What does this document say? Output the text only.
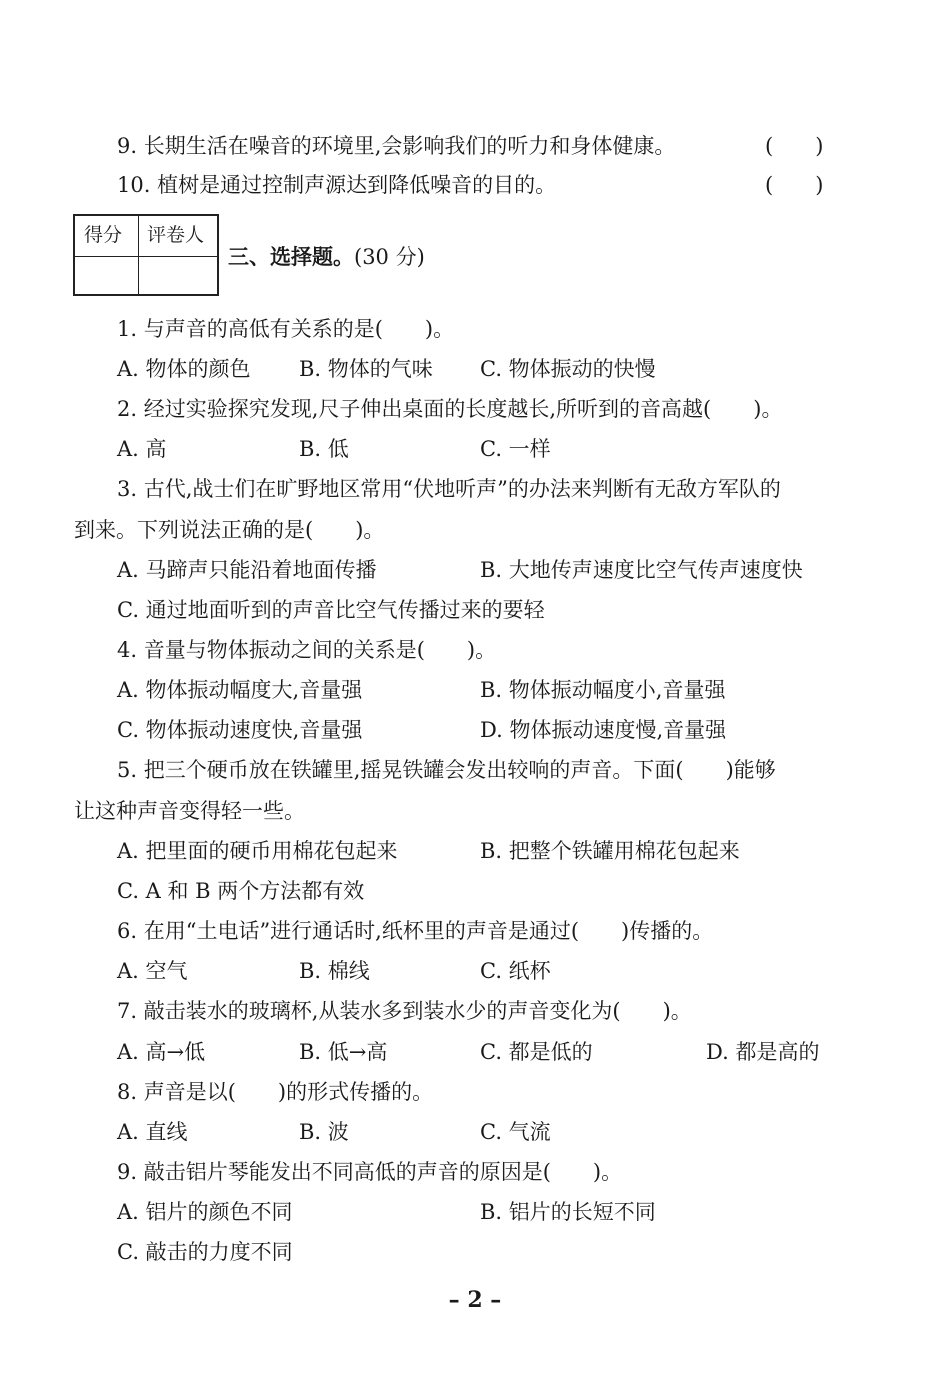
9. 长期生活在噪音的环境里,会影响我们的听力和身体健康。	(　　)
10. 植树是通过控制声源达到降低噪音的目的。	(　　)
得分 评卷人
三、选择题。(30 分)
1. 与声音的高低有关系的是(　　)。
A. 物体的颜色 B. 物体的气味 C. 物体振动的快慢
2. 经过实验探究发现,尺子伸出桌面的长度越长,所听到的音高越(　　)。
A. 高	B. 低	C. 一样
3. 古代,战士们在旷野地区常用“伏地听声”的办法来判断有无敌方军队的
到来。下列说法正确的是(　　)。
A. 马蹄声只能沿着地面传播	B. 大地传声速度比空气传声速度快
C. 通过地面听到的声音比空气传播过来的要轻
4. 音量与物体振动之间的关系是(　　)。
A. 物体振动幅度大,音量强	B. 物体振动幅度小,音量强
C. 物体振动速度快,音量强	D. 物体振动速度慢,音量强
5. 把三个硬币放在铁罐里,摇晃铁罐会发出较响的声音。下面(　　)能够
让这种声音变得轻一些。
A. 把里面的硬币用棉花包起来	B. 把整个铁罐用棉花包起来
C. A 和 B 两个方法都有效
6. 在用“土电话”进行通话时,纸杯里的声音是通过(　　)传播的。
A. 空气	B. 棉线	C. 纸杯
7. 敲击装水的玻璃杯,从装水多到装水少的声音变化为(　　)。
A. 高→低	B. 低→高	C. 都是低的	D. 都是高的
8. 声音是以(　　)的形式传播的。
A. 直线	B. 波	C. 气流
9. 敲击铝片琴能发出不同高低的声音的原因是(　　)。
A. 铝片的颜色不同	B. 铝片的长短不同
C. 敲击的力度不同
– 2 –
